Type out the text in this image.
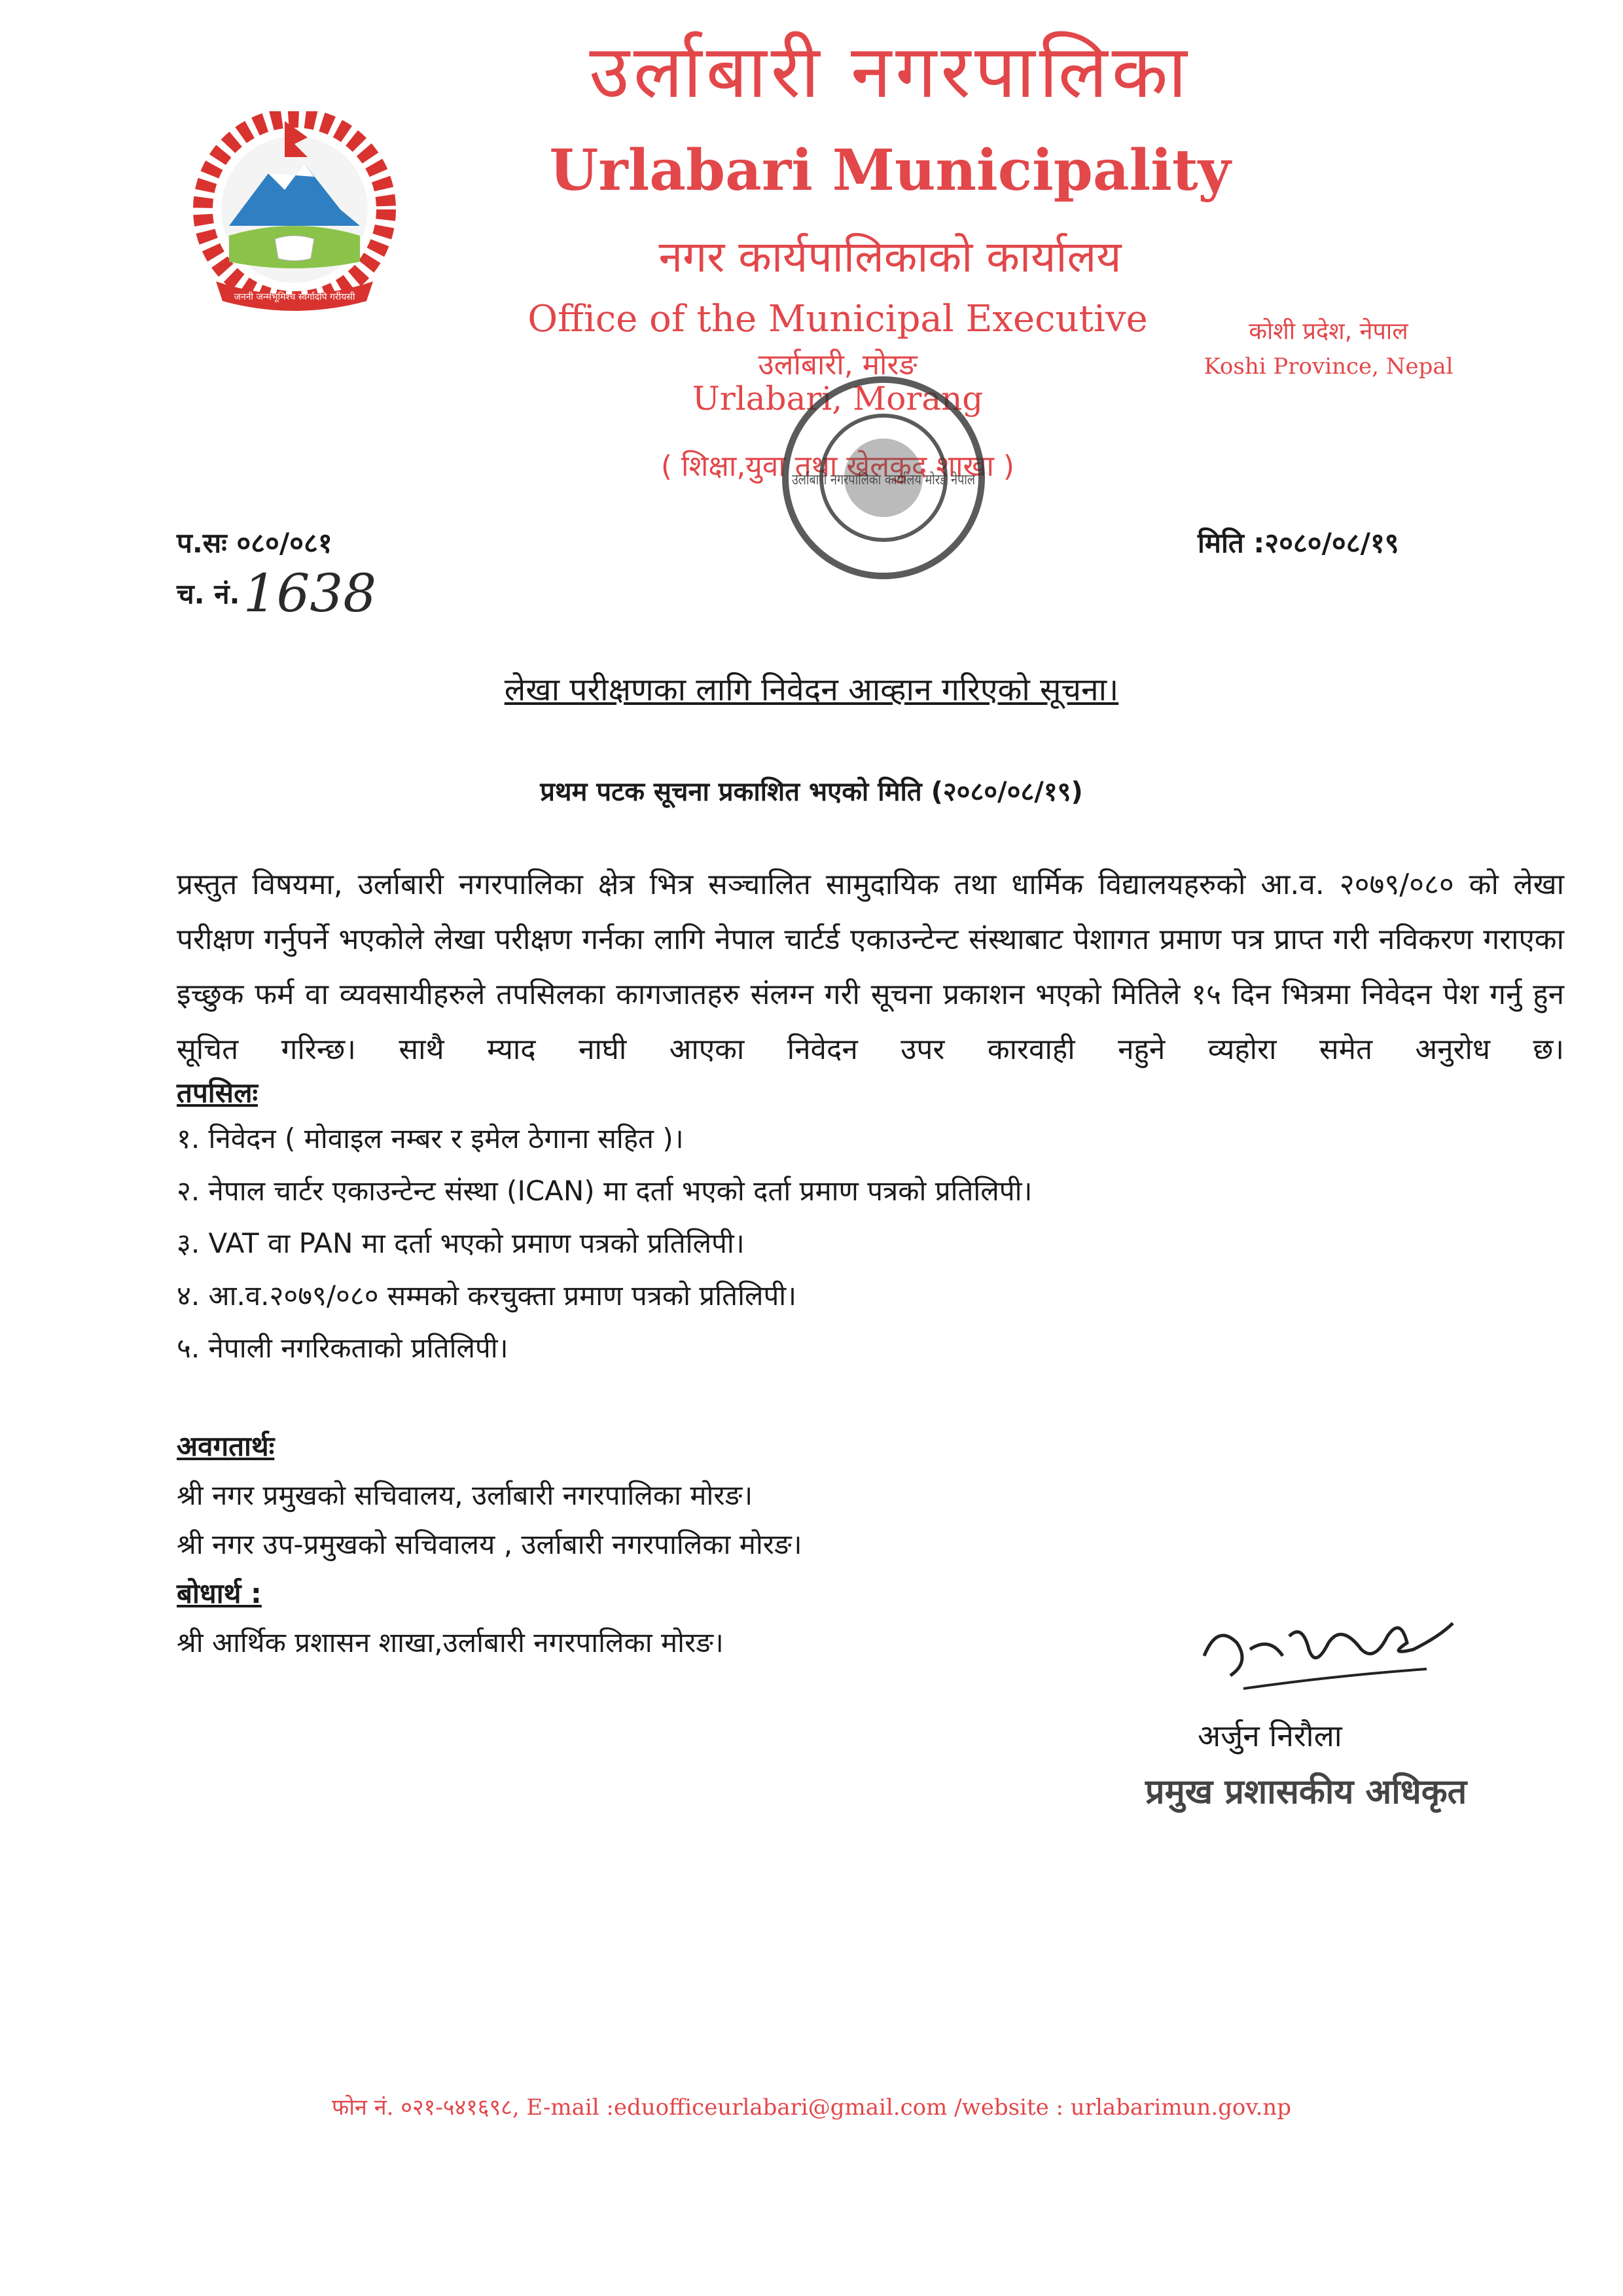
जननी जन्मभूमिश्च स्वर्गादपि गरीयसी
उर्लाबारी नगरपालिका
Urlabari Municipality
नगर कार्यपालिकाको कार्यालय
Office of the Municipal Executive
उर्लाबारी, मोरङ
Urlabari, Morang
( शिक्षा,युवा तथा खेलकुद शाखा )
कोशी प्रदेश, नेपाल
Koshi Province, Nepal
उर्लाबारी नगरपालिका कार्यालय मोरङ
प.सः ०८०/०८१
च. नं. 1638
मिति :२०८०/०८/१९
लेखा परीक्षणका लागि निवेदन आव्हान गरिएको सूचना।
प्रथम पटक सूचना प्रकाशित भएको मिति (२०८०/०८/१९)
प्रस्तुत विषयमा, उर्लाबारी नगरपालिका क्षेत्र भित्र सञ्चालित सामुदायिक तथा धार्मिक विद्यालयहरुको आ.व. २०७९/०८० को लेखा परीक्षण गर्नुपर्ने भएकोले लेखा परीक्षण गर्नका लागि नेपाल चार्टर्ड एकाउन्टेन्ट संस्थाबाट पेशागत प्रमाण पत्र प्राप्त गरी नविकरण गराएका इच्छुक फर्म वा व्यवसायीहरुले तपसिलका कागजातहरु संलग्न गरी सूचना प्रकाशन भएको मितिले १५ दिन भित्रमा निवेदन पेश गर्नु हुन सूचित गरिन्छ। साथै म्याद नाघी आएका निवेदन उपर कारवाही नहुने व्यहोरा समेत अनुरोध छ।
तपसिलः
१. निवेदन ( मोवाइल नम्बर र इमेल ठेगाना सहित )।
२. नेपाल चार्टर एकाउन्टेन्ट संस्था (ICAN) मा दर्ता भएको दर्ता प्रमाण पत्रको प्रतिलिपी।
३. VAT वा PAN मा दर्ता भएको प्रमाण पत्रको प्रतिलिपी।
४. आ.व.२०७९/०८० सम्मको करचुक्ता प्रमाण पत्रको प्रतिलिपी।
५. नेपाली नगरिकताको प्रतिलिपी।
अवगतार्थः
श्री नगर प्रमुखको सचिवालय, उर्लाबारी नगरपालिका मोरङ।
श्री नगर उप-प्रमुखको सचिवालय , उर्लाबारी नगरपालिका मोरङ।
बोधार्थ :
श्री आर्थिक प्रशासन शाखा,उर्लाबारी नगरपालिका मोरङ।
अर्जुन निरौला
प्रमुख प्रशासकीय अधिकृत
फोन नं. ०२१-५४१६९८, E-mail :eduofficeurlabari@gmail.com /website : urlabarimun.gov.np
